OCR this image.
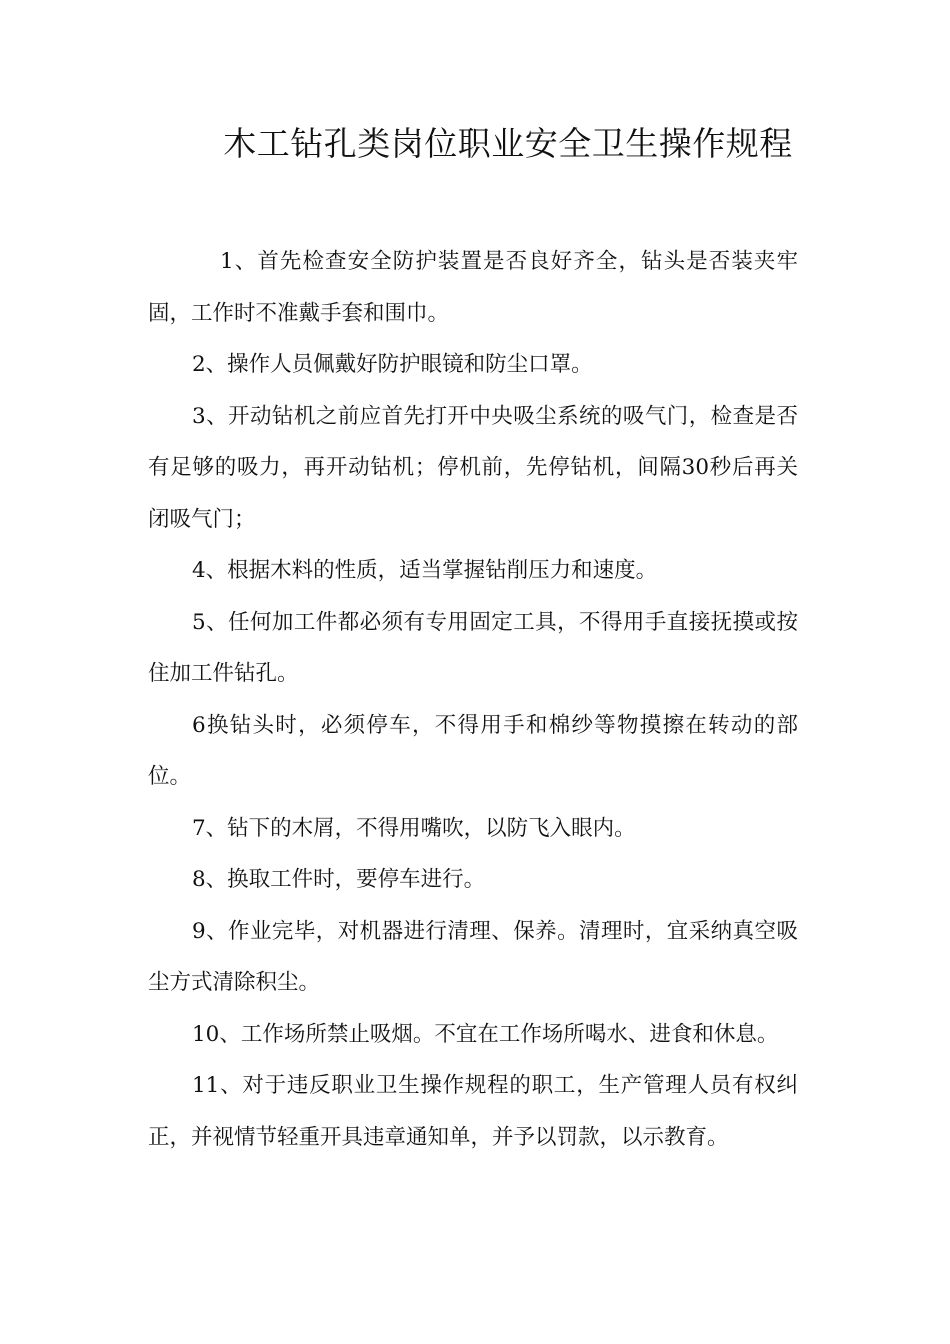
木工钻孔类岗位职业安全卫生操作规程

1、首先检查安全防护装置是否良好齐全，钻头是否装夹牢固，工作时不准戴手套和围巾。

2、操作人员佩戴好防护眼镜和防尘口罩。

3、开动钻机之前应首先打开中央吸尘系统的吸气门，检查是否有足够的吸力，再开动钻机；停机前，先停钻机，间隔30秒后再关闭吸气门；

4、根据木料的性质，适当掌握钻削压力和速度。

5、任何加工件都必须有专用固定工具，不得用手直接抚摸或按住加工件钻孔。

6换钻头时，必须停车，不得用手和棉纱等物摸擦在转动的部位。

7、钻下的木屑，不得用嘴吹，以防飞入眼内。

8、换取工件时，要停车进行。

9、作业完毕，对机器进行清理、保养。清理时，宜采纳真空吸尘方式清除积尘。

10、工作场所禁止吸烟。不宜在工作场所喝水、进食和休息。

11、对于违反职业卫生操作规程的职工，生产管理人员有权纠正，并视情节轻重开具违章通知单，并予以罚款，以示教育。
